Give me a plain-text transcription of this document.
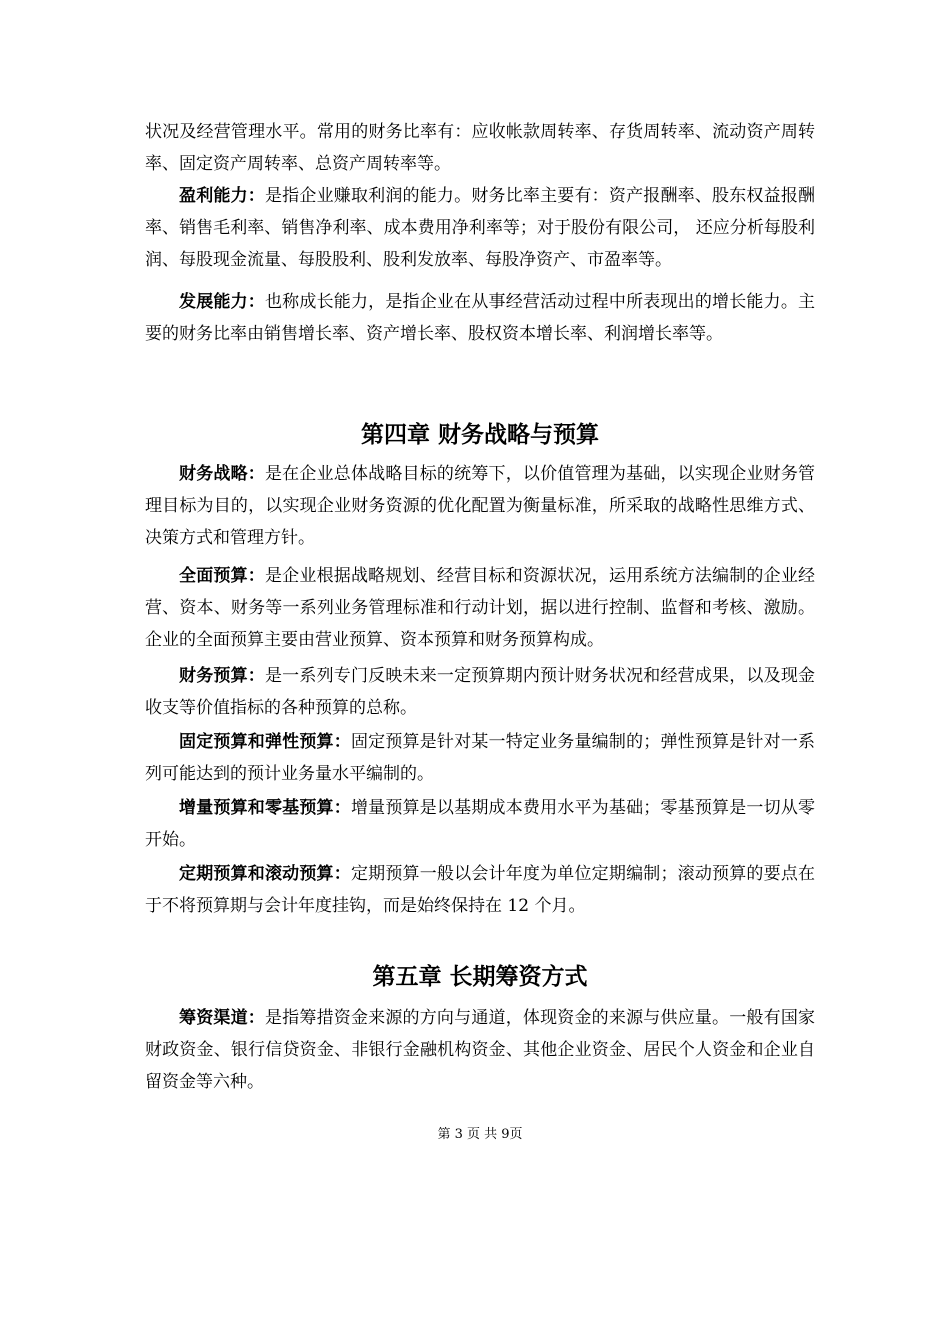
状况及经营管理水平。常用的财务比率有：应收帐款周转率、存货周转率、流动资产周转率、固定资产周转率、总资产周转率等。

盈利能力：是指企业赚取利润的能力。财务比率主要有：资产报酬率、股东权益报酬率、销售毛利率、销售净利率、成本费用净利率等；对于股份有限公司， 还应分析每股利润、每股现金流量、每股股利、股利发放率、每股净资产、市盈率等。

发展能力：也称成长能力，是指企业在从事经营活动过程中所表现出的增长能力。主要的财务比率由销售增长率、资产增长率、股权资本增长率、利润增长率等。

第四章 财务战略与预算

财务战略：是在企业总体战略目标的统筹下，以价值管理为基础，以实现企业财务管理目标为目的，以实现企业财务资源的优化配置为衡量标准，所采取的战略性思维方式、决策方式和管理方针。

全面预算：是企业根据战略规划、经营目标和资源状况，运用系统方法编制的企业经营、资本、财务等一系列业务管理标准和行动计划，据以进行控制、监督和考核、激励。企业的全面预算主要由营业预算、资本预算和财务预算构成。

财务预算：是一系列专门反映未来一定预算期内预计财务状况和经营成果，以及现金收支等价值指标的各种预算的总称。

固定预算和弹性预算：固定预算是针对某一特定业务量编制的；弹性预算是针对一系列可能达到的预计业务量水平编制的。

增量预算和零基预算：增量预算是以基期成本费用水平为基础；零基预算是一切从零开始。

定期预算和滚动预算：定期预算一般以会计年度为单位定期编制；滚动预算的要点在于不将预算期与会计年度挂钩，而是始终保持在 12 个月。

第五章 长期筹资方式

筹资渠道：是指筹措资金来源的方向与通道，体现资金的来源与供应量。一般有国家财政资金、银行信贷资金、非银行金融机构资金、其他企业资金、居民个人资金和企业自留资金等六种。

第 3 页 共 9页
